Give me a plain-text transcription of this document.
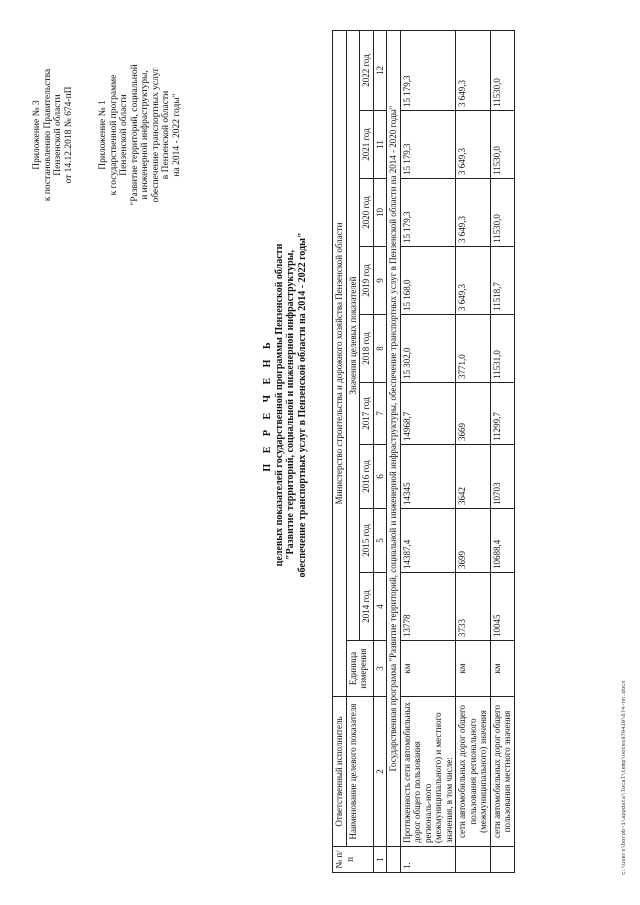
Приложение № 3 к постановлению Правительства Пензенской области от 14.12.2018 № 674-пП	Приложение № 1 к государственной программе Пензенской области "Развитие территорий, социальной и инженерной инфраструктуры, обеспечение транспортных услуг в Пензенской области на 2014 - 2022 годы"
П Е Р Е Ч Е Н Ь целевых показателей государственной программы Пензенской области "Развитие территорий, социальной и инженерной инфраструктуры, обеспечение транспортных услуг в Пензенской области на 2014 - 2022 годы"
№ п/п	Ответственный исполнитель	Министерство строительства и дорожного хозяйства Пензенской области									
	Наименование целевого показателя	Единица измерения	Значения целевых показателей								
			2014 год	2015 год	2016 год	2017 год	2018 год	2019 год	2020 год	2021 год	2022 год
1	2	3	4	5	6	7	8	9	10	11	12
	Государственная программа "Развитие территорий, социальной и инженерной инфраструктуры, обеспечение транспортных услуг в Пензенской области на 2014 - 2020 годы"										
1.	Протяженность сети автомобильных дорог общего пользования региональ-ного (межмуниципального) и местного значения, в том числе:	км	13778	14387,4	14345	14968,7	15 302,0	15 168,0	15 179,3	15 179,3	15 179,3
	сети автомобильных дорог общего пользования регионального (межмуниципального) значения	км	3733	3699	3642	3669	3771,0	3 649,3	3 649,3	3 649,3	3 649,3
	сети автомобильных дорог общего пользования местного значения	км	10045	10688,4	10703	11299,7	11531,0	11518,7	11530,0	11530,0	11530,0
c:\users\borob~1\appdata\local\temp\notes879410\674-пп.docx
